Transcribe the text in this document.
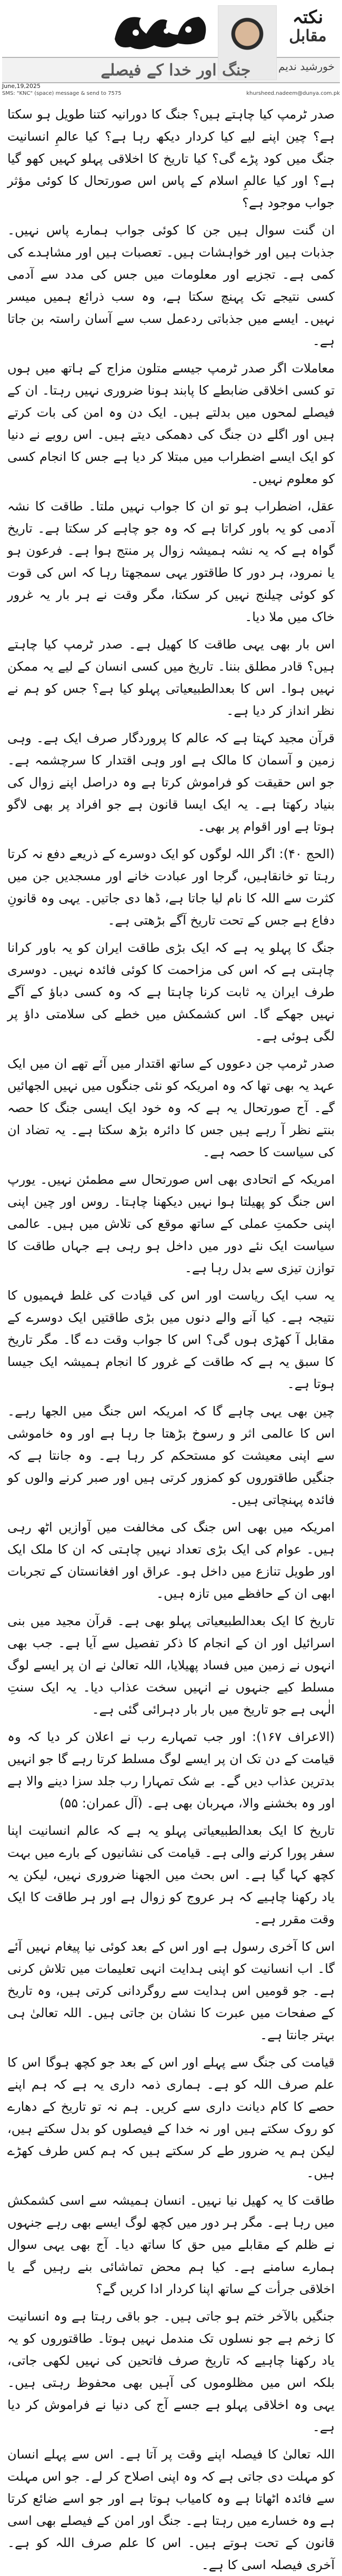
نکتہ
مقابل
جنگ اور خدا کے فیصلے	خورشید ندیم
June,19,2025
SMS: "KNC" (space) message & send to 7575	khursheed.nadeem@dunya.com.pk

صدر ٹرمپ کیا چاہتے ہیں؟ جنگ کا دورانیہ کتنا طویل ہو سکتا ہے؟ چین اپنے لیے کیا کردار دیکھ رہا ہے؟ کیا عالمِ انسانیت جنگ میں کود پڑے گی؟ کیا تاریخ کا اخلاقی پہلو کہیں کھو گیا ہے؟ اور کیا عالمِ اسلام کے پاس اس صورتحال کا کوئی مؤثر جواب موجود ہے؟

ان گنت سوال ہیں جن کا کوئی جواب ہمارے پاس نہیں۔ جذبات ہیں اور خواہشات ہیں۔ تعصبات ہیں اور مشاہدے کی کمی ہے۔ تجزیے اور معلومات میں جس کی مدد سے آدمی کسی نتیجے تک پہنچ سکتا ہے، وہ سب ذرائع ہمیں میسر نہیں۔ ایسے میں جذباتی ردعمل سب سے آسان راستہ بن جاتا ہے۔

معاملات اگر صدر ٹرمپ جیسے متلون مزاج کے ہاتھ میں ہوں تو کسی اخلاقی ضابطے کا پابند ہونا ضروری نہیں رہتا۔ ان کے فیصلے لمحوں میں بدلتے ہیں۔ ایک دن وہ امن کی بات کرتے ہیں اور اگلے دن جنگ کی دھمکی دیتے ہیں۔ اس رویے نے دنیا کو ایک ایسے اضطراب میں مبتلا کر دیا ہے جس کا انجام کسی کو معلوم نہیں۔

عقل، اضطراب ہو تو ان کا جواب نہیں ملتا۔ طاقت کا نشہ آدمی کو یہ باور کراتا ہے کہ وہ جو چاہے کر سکتا ہے۔ تاریخ گواہ ہے کہ یہ نشہ ہمیشہ زوال پر منتج ہوا ہے۔ فرعون ہو یا نمرود، ہر دور کا طاقتور یہی سمجھتا رہا کہ اس کی قوت کو کوئی چیلنج نہیں کر سکتا، مگر وقت نے ہر بار یہ غرور خاک میں ملا دیا۔

اس بار بھی یہی طاقت کا کھیل ہے۔ صدر ٹرمپ کیا چاہتے ہیں؟ قادر مطلق بننا۔ تاریخ میں کسی انسان کے لیے یہ ممکن نہیں ہوا۔ اس کا بعدالطبیعیاتی پہلو کیا ہے؟ جس کو ہم نے نظر انداز کر دیا ہے۔

قرآن مجید کہتا ہے کہ عالم کا پروردگار صرف ایک ہے۔ وہی زمین و آسمان کا مالک ہے اور وہی اقتدار کا سرچشمہ ہے۔ جو اس حقیقت کو فراموش کرتا ہے وہ دراصل اپنے زوال کی بنیاد رکھتا ہے۔ یہ ایک ایسا قانون ہے جو افراد پر بھی لاگو ہوتا ہے اور اقوام پر بھی۔

(الحج ۴۰): اگر اللہ لوگوں کو ایک دوسرے کے ذریعے دفع نہ کرتا رہتا تو خانقاہیں، گرجا اور عبادت خانے اور مسجدیں جن میں کثرت سے اللہ کا نام لیا جاتا ہے، ڈھا دی جاتیں۔ یہی وہ قانونِ دفاع ہے جس کے تحت تاریخ آگے بڑھتی ہے۔

جنگ کا پہلو یہ ہے کہ ایک بڑی طاقت ایران کو یہ باور کرانا چاہتی ہے کہ اس کی مزاحمت کا کوئی فائدہ نہیں۔ دوسری طرف ایران یہ ثابت کرنا چاہتا ہے کہ وہ کسی دباؤ کے آگے نہیں جھکے گا۔ اس کشمکش میں خطے کی سلامتی داؤ پر لگی ہوئی ہے۔

صدر ٹرمپ جن دعووں کے ساتھ اقتدار میں آئے تھے ان میں ایک عہد یہ بھی تھا کہ وہ امریکہ کو نئی جنگوں میں نہیں الجھائیں گے۔ آج صورتحال یہ ہے کہ وہ خود ایک ایسی جنگ کا حصہ بنتے نظر آ رہے ہیں جس کا دائرہ بڑھ سکتا ہے۔ یہ تضاد ان کی سیاست کا حصہ ہے۔

امریکہ کے اتحادی بھی اس صورتحال سے مطمئن نہیں۔ یورپ اس جنگ کو پھیلتا ہوا نہیں دیکھنا چاہتا۔ روس اور چین اپنی اپنی حکمتِ عملی کے ساتھ موقع کی تلاش میں ہیں۔ عالمی سیاست ایک نئے دور میں داخل ہو رہی ہے جہاں طاقت کا توازن تیزی سے بدل رہا ہے۔

یہ سب ایک ریاست اور اس کی قیادت کی غلط فہمیوں کا نتیجہ ہے۔ کیا آنے والے دنوں میں بڑی طاقتیں ایک دوسرے کے مقابل آ کھڑی ہوں گی؟ اس کا جواب وقت دے گا۔ مگر تاریخ کا سبق یہ ہے کہ طاقت کے غرور کا انجام ہمیشہ ایک جیسا ہوتا ہے۔

چین بھی یہی چاہے گا کہ امریکہ اس جنگ میں الجھا رہے۔ اس کا عالمی اثر و رسوخ بڑھتا جا رہا ہے اور وہ خاموشی سے اپنی معیشت کو مستحکم کر رہا ہے۔ وہ جانتا ہے کہ جنگیں طاقتوروں کو کمزور کرتی ہیں اور صبر کرنے والوں کو فائدہ پہنچاتی ہیں۔

امریکہ میں بھی اس جنگ کی مخالفت میں آوازیں اٹھ رہی ہیں۔ عوام کی ایک بڑی تعداد نہیں چاہتی کہ ان کا ملک ایک اور طویل تنازع میں داخل ہو۔ عراق اور افغانستان کے تجربات ابھی ان کے حافظے میں تازہ ہیں۔

تاریخ کا ایک بعدالطبیعیاتی پہلو بھی ہے۔ قرآن مجید میں بنی اسرائیل اور ان کے انجام کا ذکر تفصیل سے آیا ہے۔ جب بھی انہوں نے زمین میں فساد پھیلایا، اللہ تعالیٰ نے ان پر ایسے لوگ مسلط کیے جنہوں نے انہیں سخت عذاب دیا۔ یہ ایک سنتِ الٰہی ہے جو تاریخ میں بار بار دہرائی گئی ہے۔

(الاعراف ۱۶۷): اور جب تمہارے رب نے اعلان کر دیا کہ وہ قیامت کے دن تک ان پر ایسے لوگ مسلط کرتا رہے گا جو انہیں بدترین عذاب دیں گے۔ بے شک تمہارا رب جلد سزا دینے والا ہے اور وہ بخشنے والا، مہربان بھی ہے۔ (آل عمران: ۵۵)

تاریخ کا ایک بعدالطبیعیاتی پہلو یہ ہے کہ عالم انسانیت اپنا سفر پورا کرنے والی ہے۔ قیامت کی نشانیوں کے بارے میں بہت کچھ کہا گیا ہے۔ اس بحث میں الجھنا ضروری نہیں، لیکن یہ یاد رکھنا چاہیے کہ ہر عروج کو زوال ہے اور ہر طاقت کا ایک وقت مقرر ہے۔

اس کا آخری رسول ہے اور اس کے بعد کوئی نیا پیغام نہیں آئے گا۔ اب انسانیت کو اپنی ہدایت انہی تعلیمات میں تلاش کرنی ہے۔ جو قومیں اس ہدایت سے روگردانی کرتی ہیں، وہ تاریخ کے صفحات میں عبرت کا نشان بن جاتی ہیں۔ اللہ تعالیٰ ہی بہتر جانتا ہے۔

قیامت کی جنگ سے پہلے اور اس کے بعد جو کچھ ہوگا اس کا علم صرف اللہ کو ہے۔ ہماری ذمہ داری یہ ہے کہ ہم اپنے حصے کا کام دیانت داری سے کریں۔ ہم نہ تو تاریخ کے دھارے کو روک سکتے ہیں اور نہ خدا کے فیصلوں کو بدل سکتے ہیں، لیکن ہم یہ ضرور طے کر سکتے ہیں کہ ہم کس طرف کھڑے ہیں۔

طاقت کا یہ کھیل نیا نہیں۔ انسان ہمیشہ سے اسی کشمکش میں رہا ہے۔ مگر ہر دور میں کچھ لوگ ایسے بھی رہے جنہوں نے ظلم کے مقابلے میں حق کا ساتھ دیا۔ آج بھی یہی سوال ہمارے سامنے ہے۔ کیا ہم محض تماشائی بنے رہیں گے یا اخلاقی جرأت کے ساتھ اپنا کردار ادا کریں گے؟

جنگیں بالآخر ختم ہو جاتی ہیں۔ جو باقی رہتا ہے وہ انسانیت کا زخم ہے جو نسلوں تک مندمل نہیں ہوتا۔ طاقتوروں کو یہ یاد رکھنا چاہیے کہ تاریخ صرف فاتحین کی نہیں لکھی جاتی، بلکہ اس میں مظلوموں کی آہیں بھی محفوظ رہتی ہیں۔ یہی وہ اخلاقی پہلو ہے جسے آج کی دنیا نے فراموش کر دیا ہے۔

اللہ تعالیٰ کا فیصلہ اپنے وقت پر آتا ہے۔ اس سے پہلے انسان کو مہلت دی جاتی ہے کہ وہ اپنی اصلاح کر لے۔ جو اس مہلت سے فائدہ اٹھاتا ہے وہ کامیاب ہوتا ہے اور جو اسے ضائع کرتا ہے وہ خسارے میں رہتا ہے۔ جنگ اور امن کے فیصلے بھی اسی قانون کے تحت ہوتے ہیں۔ اس کا علم صرف اللہ کو ہے۔ آخری فیصلہ اسی کا ہے۔
